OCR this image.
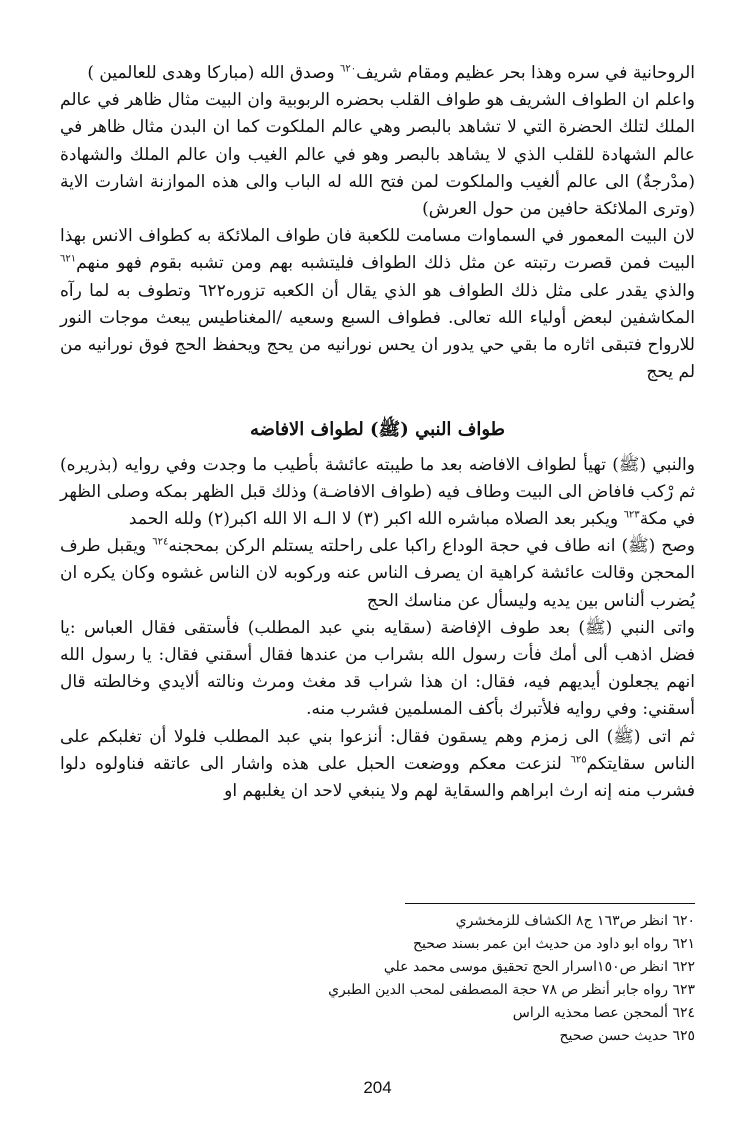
الروحانية في سره وهذا بحر عظيم ومقام شريف$^{٦٢٠}$ وصدق الله (مباركا وهدى للعالمين )

واعلم ان الطواف الشريف هو طواف القلب بحضره الربوبية وان البيت مثال ظاهر في عالم الملك لتلك الحضرة التي لا تشاهد بالبصر وهي عالم الملكوت كما ان البدن مثال ظاهر في عالم الشهادة للقلب الذي لا يشاهد بالبصر وهو في عالم الغيب وان عالم الملك والشهادة (مدْرجةٌ) الى عالم ألغيب والملكوت لمن فتح الله له الباب والى هذه الموازنة اشارت الاية (وترى الملائكة حافين من حول العرش)

لان البيت المعمور في السماوات مسامت للكعبة فان طواف الملائكة به كطواف الانس بهذا البيت فمن قصرت رتبته عن مثل ذلك الطواف فليتشبه بهم ومن تشبه بقوم فهو منهم$^{٦٢١}$ والذي يقدر على مثل ذلك الطواف هو الذي يقال أن الكعبه تزوره٦٢٢ وتطوف به لما رآه المكاشفين لبعض أولياء الله تعالى. فطواف السبع وسعيه /المغناطيس يبعث موجات النور للارواح فتبقى اثاره ما بقي حي يدور ان يحس نورانيه من يحج ويحفظ الحج فوق نورانيه من لم يحج

طواف النبي (ﷺ) لطواف الافاضه

والنبي (ﷺ) تهيأ لطواف الافاضه بعد ما طيبته عائشة بأطيب ما وجدت وفي روايه (بذريره) ثم رْكب فافاض الى البيت وطاف فيه (طواف الافاضـة) وذلك قبل الظهر بمكه وصلى الظهر في مكة$^{٦٢٣}$ ويكبر بعد الصلاه مباشره الله اكبر (٣) لا الـه الا الله اكبر(٢) ولله الحمد

وصح (ﷺ) انه طاف في حجة الوداع راكبا على راحلته يستلم الركن بمحجنه$^{٦٢٤}$ ويقبل طرف المحجن وقالت عائشة كراهية ان يصرف الناس عنه وركوبه لان الناس غشوه وكان يكره ان يُضرب ألناس بين يديه وليسأل عن مناسك الحج

واتى النبي (ﷺ) بعد طوف الإفاضة (سقايه بني عبد المطلب) فأستقى فقال العباس :يا فضل اذهب ألى أمك فأت رسول الله بشراب من عندها فقال أسقني فقال: يا رسول الله انهم يجعلون أيديهم فيه، فقال: ان هذا شراب قد مغث ومرث ونالته ألايدي وخالطته قال أسقني: وفي روايه فلأتبرك بأكف المسلمين فشرب منه.

ثم اتى (ﷺ) الى زمزم وهم يسقون فقال: أنزعوا بني عبد المطلب فلولا أن تغلبكم على الناس سقايتكم$^{٦٢٥}$ لنزعت معكم ووضعت الحبل على هذه واشار الى عاتقه فناولوه دلوا فشرب منه إنه ارث ابراهم والسقاية لهم ولا ينبغي لاحد ان يغلبهم او

٦٢٠ انظر ص١٦٣ ج٨ الكشاف للزمخشري

٦٢١ رواه ابو داود من حديث ابن عمر بسند صحيح

٦٢٢ انظر ص١٥٠اسرار الحج تحقيق موسى محمد علي

٦٢٣ رواه جابر أنظر ص ٧٨ حجة المصطفى لمحب الدين الطبري

٦٢٤ ألمحجن عصا محذيه الراس

٦٢٥ حديث حسن صحيح

204
